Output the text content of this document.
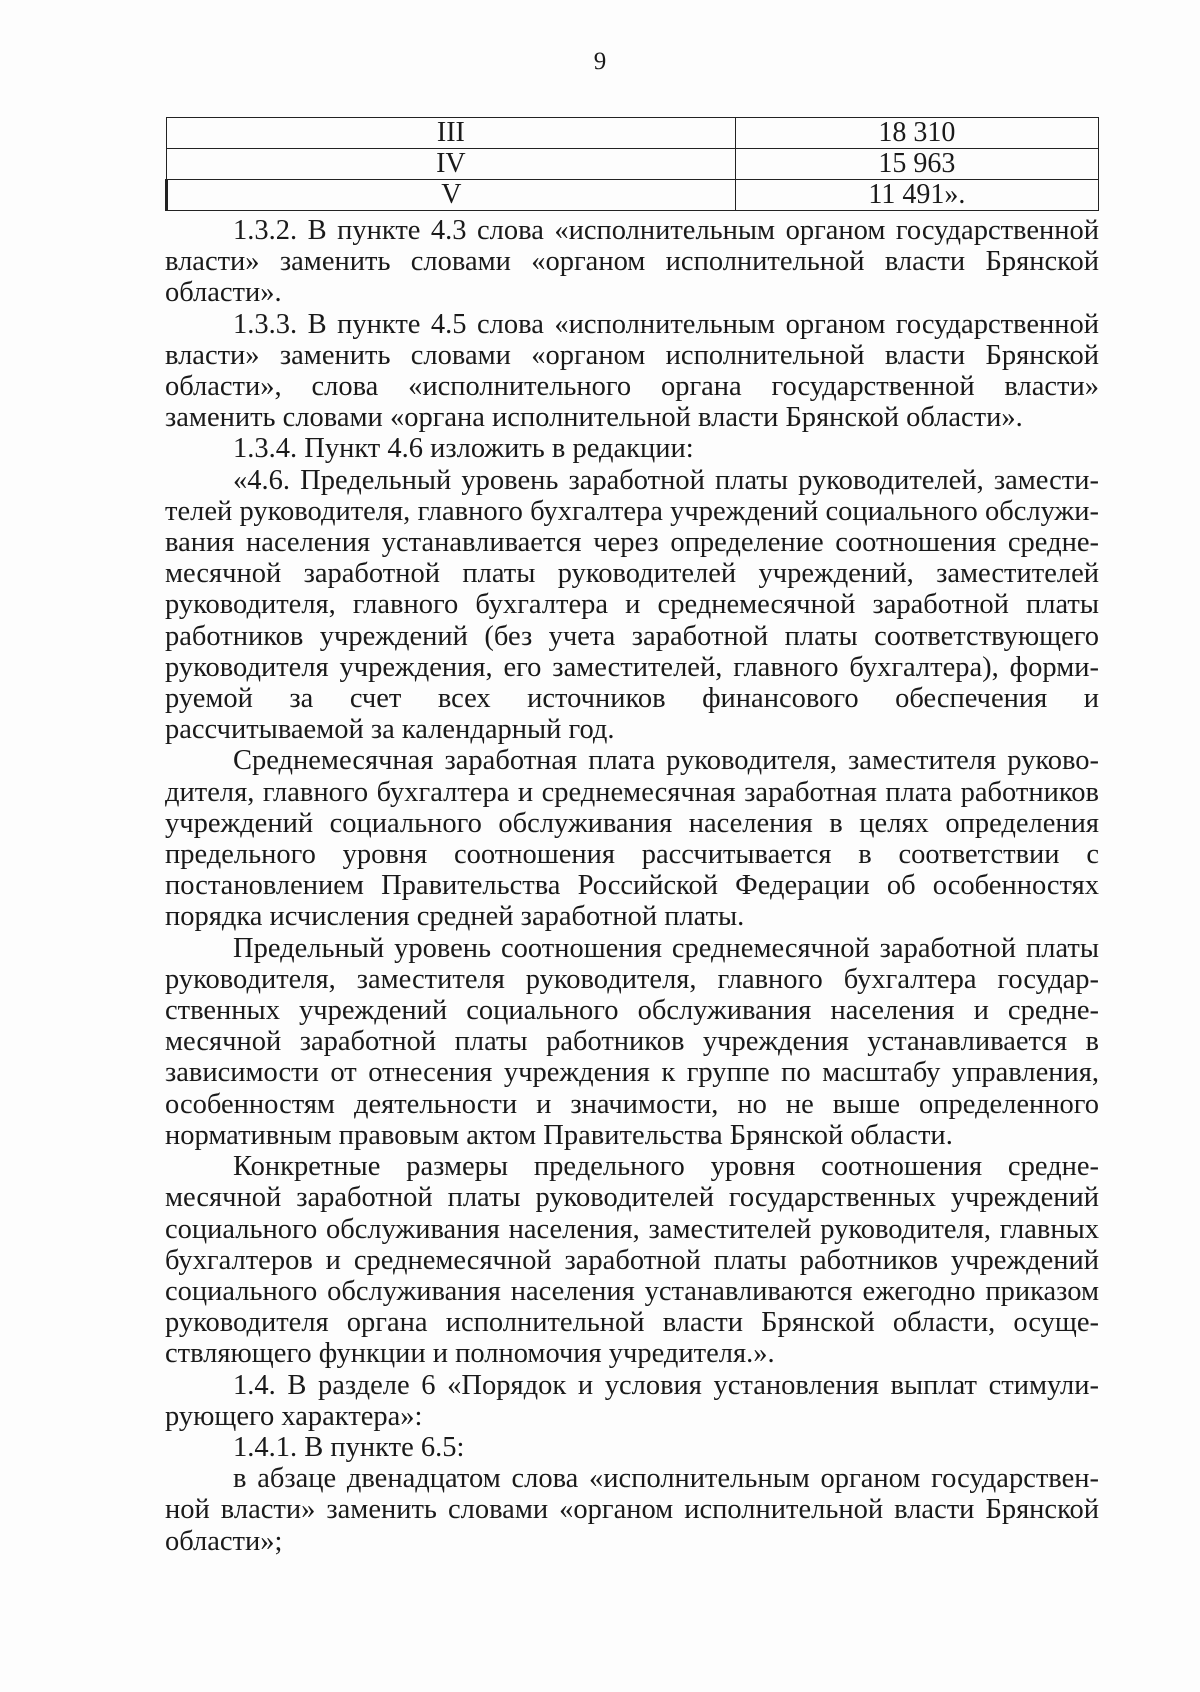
9
III	18 310
IV	15 963
V	11 491».

1.3.2. В пункте 4.3 слова «исполнительным органом государственной власти» заменить словами «органом исполнительной власти Брянской области».

1.3.3. В пункте 4.5 слова «исполнительным органом государственной власти» заменить словами «органом исполнительной власти Брянской области», слова «исполнительного органа государственной власти» заменить словами «органа исполнительной власти Брянской области».

1.3.4. Пункт 4.6 изложить в редакции:

«4.6. Предельный уровень заработной платы руководителей, заместителей руководителя, главного бухгалтера учреждений социального обслуживания населения устанавливается через определение соотношения среднемесячной заработной платы руководителей учреждений, заместителей руководителя, главного бухгалтера и среднемесячной заработной платы работников учреждений (без учета заработной платы соответствующего руководителя учреждения, его заместителей, главного бухгалтера), формируемой за счет всех источников финансового обеспечения и рассчитываемой за календарный год.

Среднемесячная заработная плата руководителя, заместителя руководителя, главного бухгалтера и среднемесячная заработная плата работников учреждений социального обслуживания населения в целях определения предельного уровня соотношения рассчитывается в соответствии с постановлением Правительства Российской Федерации об особенностях порядка исчисления средней заработной платы.

Предельный уровень соотношения среднемесячной заработной платы руководителя, заместителя руководителя, главного бухгалтера государственных учреждений социального обслуживания населения и среднемесячной заработной платы работников учреждения устанавливается в зависимости от отнесения учреждения к группе по масштабу управления, особенностям деятельности и значимости, но не выше определенного нормативным правовым актом Правительства Брянской области.

Конкретные размеры предельного уровня соотношения среднемесячной заработной платы руководителей государственных учреждений социального обслуживания населения, заместителей руководителя, главных бухгалтеров и среднемесячной заработной платы работников учреждений социального обслуживания населения устанавливаются ежегодно приказом руководителя органа исполнительной власти Брянской области, осуществляющего функции и полномочия учредителя.».

1.4. В разделе 6 «Порядок и условия установления выплат стимулирующего характера»:

1.4.1. В пункте 6.5:

в абзаце двенадцатом слова «исполнительным органом государственной власти» заменить словами «органом исполнительной власти Брянской области»;
